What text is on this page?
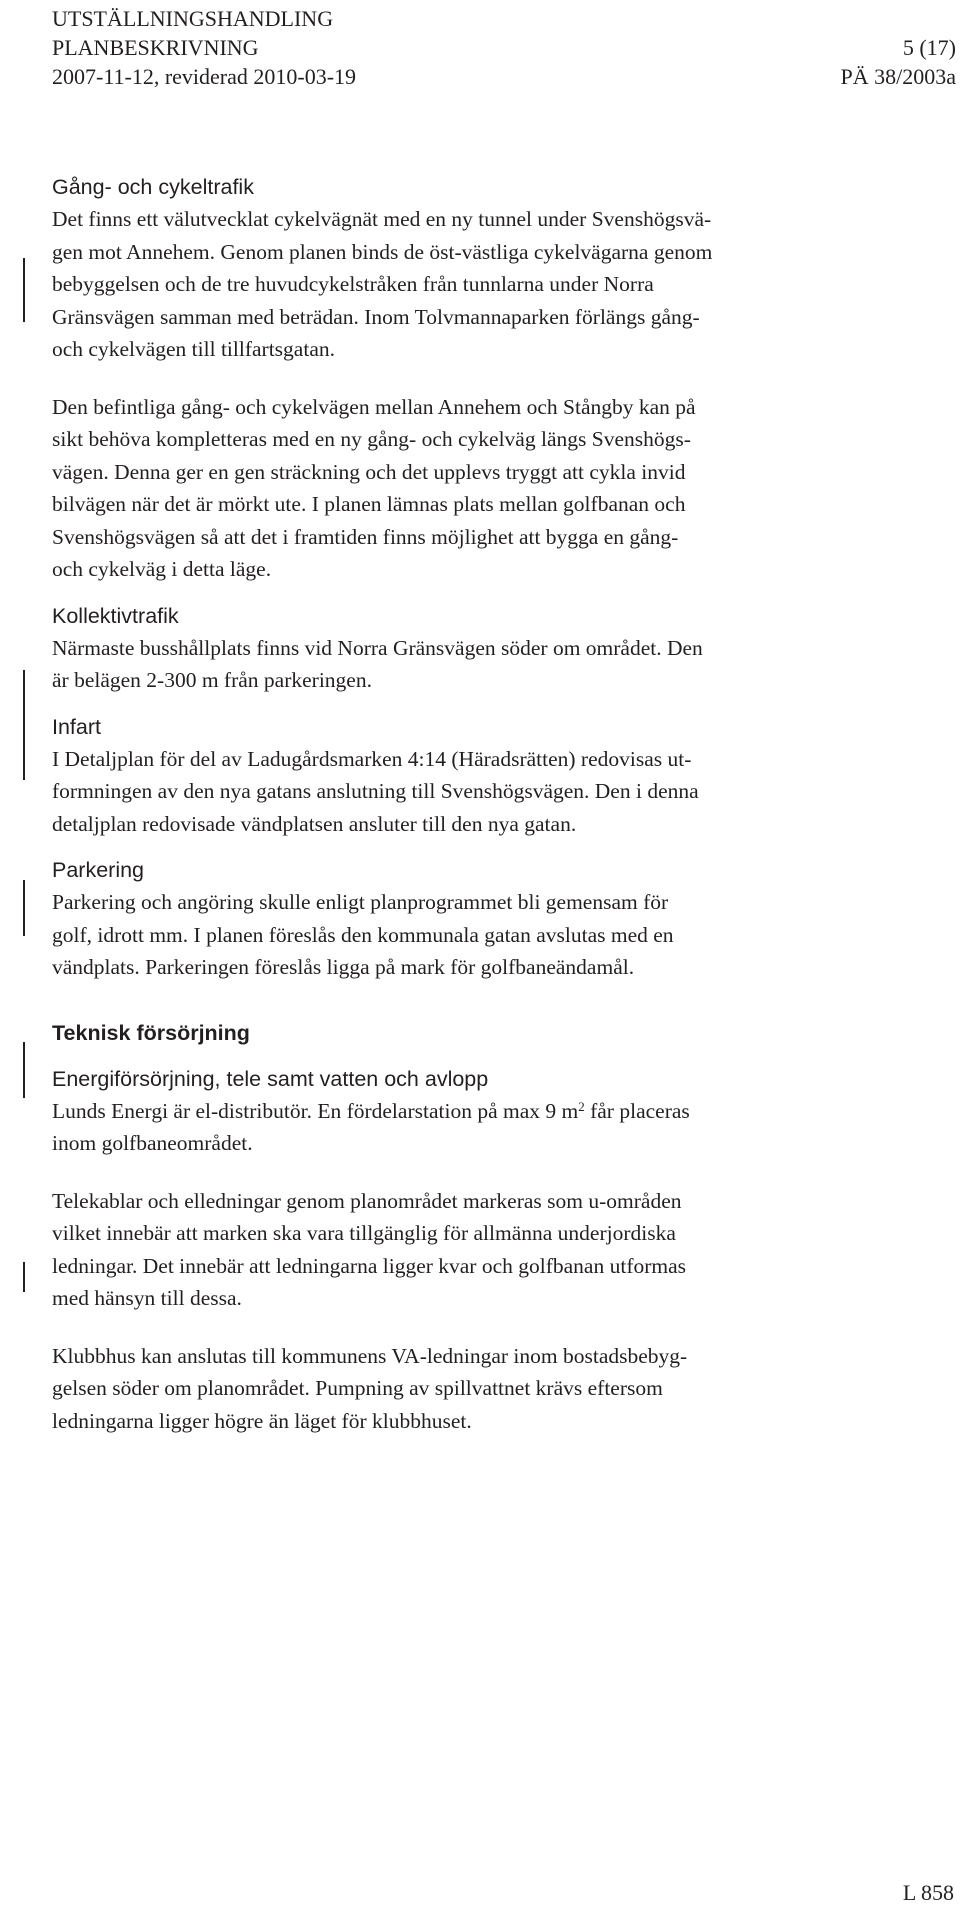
UTSTÄLLNINGSHANDLING
PLANBESKRIVNING	5 (17)
2007-11-12, reviderad 2010-03-19	PÄ 38/2003a
Gång- och cykeltrafik

Det finns ett välutvecklat cykelvägnät med en ny tunnel under Svenshögsvä-
gen mot Annehem. Genom planen binds de öst-västliga cykelvägarna genom
bebyggelsen och de tre huvudcykelstråken från tunnlarna under Norra
Gränsvägen samman med beträdan. Inom Tolvmannaparken förlängs gång-
och cykelvägen till tillfartsgatan.

Den befintliga gång- och cykelvägen mellan Annehem och Stångby kan på
sikt behöva kompletteras med en ny gång- och cykelväg längs Svenshögs-
vägen. Denna ger en gen sträckning och det upplevs tryggt att cykla invid
bilvägen när det är mörkt ute. I planen lämnas plats mellan golfbanan och
Svenshögsvägen så att det i framtiden finns möjlighet att bygga en gång-
och cykelväg i detta läge.

Kollektivtrafik

Närmaste busshållplats finns vid Norra Gränsvägen söder om området. Den
är belägen 2-300 m från parkeringen.

Infart

I Detaljplan för del av Ladugårdsmarken 4:14 (Häradsrätten) redovisas ut-
formningen av den nya gatans anslutning till Svenshögsvägen. Den i denna
detaljplan redovisade vändplatsen ansluter till den nya gatan.

Parkering

Parkering och angöring skulle enligt planprogrammet bli gemensam för
golf, idrott mm. I planen föreslås den kommunala gatan avslutas med en
vändplats. Parkeringen föreslås ligga på mark för golfbaneändamål.

Teknisk försörjning
Energiförsörjning, tele samt vatten och avlopp

Lunds Energi är el-distributör. En fördelarstation på max 9 $m^2$ får placeras
inom golfbaneområdet.

Telekablar och elledningar genom planområdet markeras som u-områden
vilket innebär att marken ska vara tillgänglig för allmänna underjordiska
ledningar. Det innebär att ledningarna ligger kvar och golfbanan utformas
med hänsyn till dessa.

Klubbhus kan anslutas till kommunens VA-ledningar inom bostadsbebyg-
gelsen söder om planområdet. Pumpning av spillvattnet krävs eftersom
ledningarna ligger högre än läget för klubbhuset.

L 858
